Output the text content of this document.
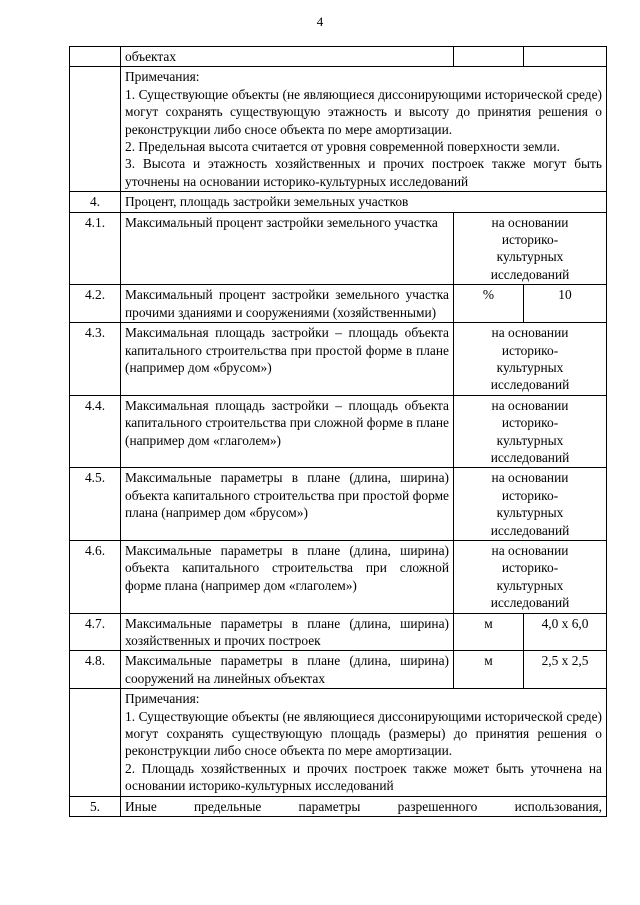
4
	объектах		

	Примечания:
1. Существующие объекты (не являющиеся диссонирующими исторической среде) могут сохранять существующую этажность и высоту до принятия решения о реконструкции либо сносе объекта по мере амортизации.
2. Предельная высота считается от уровня современной поверхности земли.
3. Высота и этажность хозяйственных и прочих построек также могут быть уточнены на основании историко-культурных исследований		

4.	Процент, площадь застройки земельных участков		
4.1.	Максимальный процент застройки земельного участка	на основании историко-культурных исследований	
4.2.	Максимальный процент застройки земельного участка прочими зданиями и сооружениями (хозяйственными)	%	10
4.3.	Максимальная площадь застройки – площадь объекта капитального строительства при простой форме в плане (например дом «брусом»)	на основании историко-культурных исследований	
4.4.	Максимальная площадь застройки – площадь объекта капитального строительства при сложной форме в плане (например дом «глаголем»)	на основании историко-культурных исследований	
4.5.	Максимальные параметры в плане (длина, ширина) объекта капитального строительства при простой форме плана (например дом «брусом»)	на основании историко-культурных исследований	
4.6.	Максимальные параметры в плане (длина, ширина) объекта капитального строительства при сложной форме плана (например дом «глаголем»)	на основании историко-культурных исследований	
4.7.	Максимальные параметры в плане (длина, ширина) хозяйственных и прочих построек	м	4,0 х 6,0
4.8.	Максимальные параметры в плане (длина, ширина) сооружений на линейных объектах	м	2,5 х 2,5

	Примечания:
1. Существующие объекты (не являющиеся диссонирующими исторической среде) могут сохранять существующую площадь (размеры) до принятия решения о реконструкции либо сносе объекта по мере амортизации.
2. Площадь хозяйственных и прочих построек также может быть уточнена на основании историко-культурных исследований		

5.	Иные предельные параметры разрешенного использования,		
